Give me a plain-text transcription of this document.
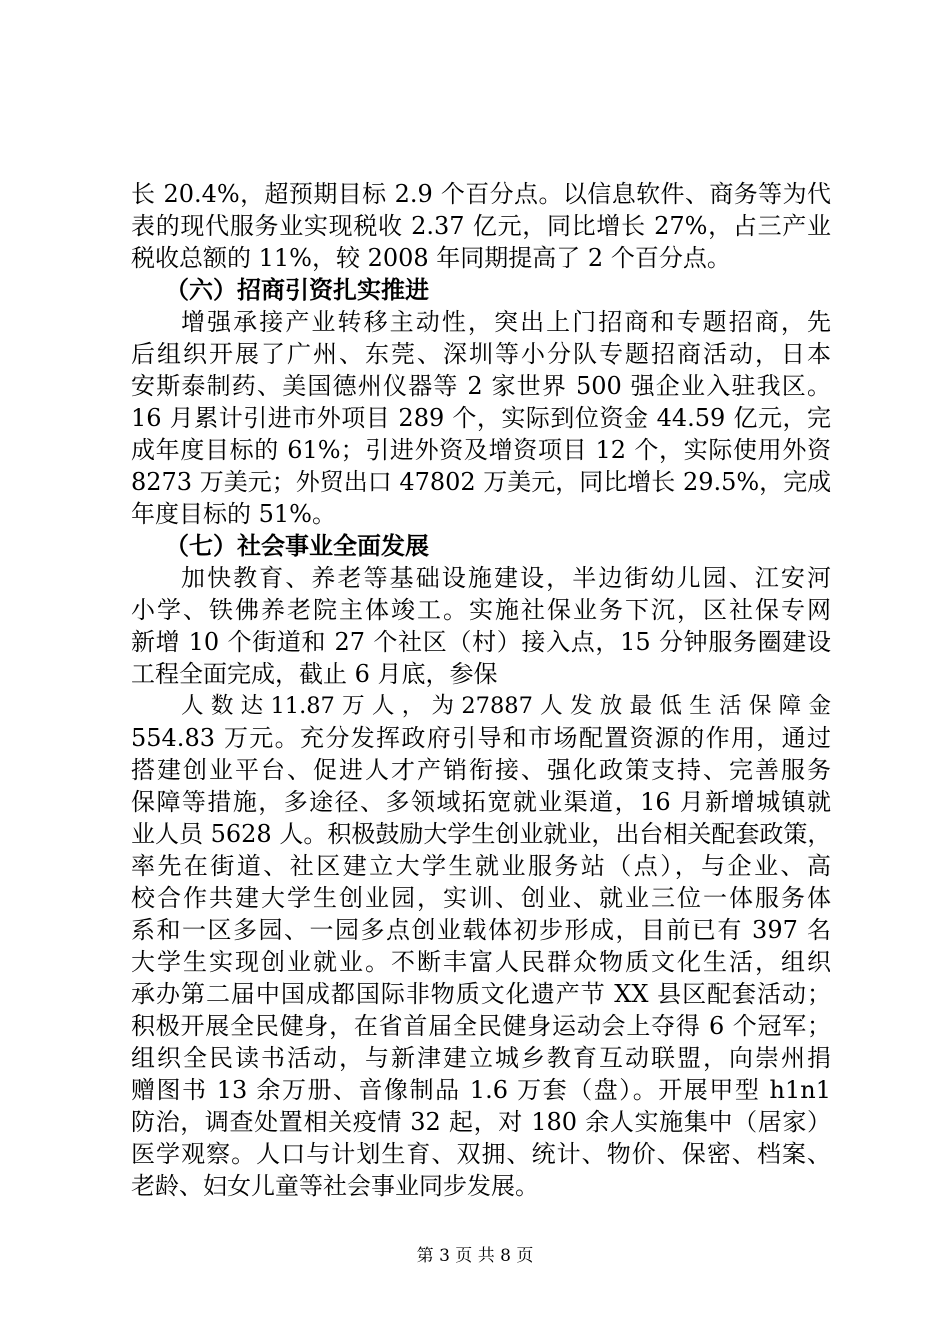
长 20.4%，超预期目标 2.9 个百分点。以信息软件、商务等为代
表的现代服务业实现税收 2.37 亿元，同比增长 27%，占三产业
税收总额的 11%，较 2008 年同期提高了 2 个百分点。
（六）招商引资扎实推进
增强承接产业转移主动性，突出上门招商和专题招商，先
后组织开展了广州、东莞、深圳等小分队专题招商活动，日本
安斯泰制药、美国德州仪器等 2 家世界 500 强企业入驻我区。
16 月累计引进市外项目 289 个，实际到位资金 44.59 亿元，完
成年度目标的 61%；引进外资及增资项目 12 个，实际使用外资
8273 万美元；外贸出口 47802 万美元，同比增长 29.5%，完成
年度目标的 51%。
（七）社会事业全面发展
加快教育、养老等基础设施建设，半边街幼儿园、江安河
小学、铁佛养老院主体竣工。实施社保业务下沉，区社保专网
新增 10 个街道和 27 个社区（村）接入点，15 分钟服务圈建设
工程全面完成，截止 6 月底，参保
人 数 达 11.87 万 人 ， 为 27887 人 发 放 最 低 生 活 保 障 金
554.83 万元。充分发挥政府引导和市场配置资源的作用，通过
搭建创业平台、促进人才产销衔接、强化政策支持、完善服务
保障等措施，多途径、多领域拓宽就业渠道，16 月新增城镇就
业人员 5628 人。积极鼓励大学生创业就业，出台相关配套政策，
率先在街道、社区建立大学生就业服务站（点），与企业、高
校合作共建大学生创业园，实训、创业、就业三位一体服务体
系和一区多园、一园多点创业载体初步形成，目前已有 397 名
大学生实现创业就业。不断丰富人民群众物质文化生活，组织
承办第二届中国成都国际非物质文化遗产节 XX 县区配套活动；
积极开展全民健身，在省首届全民健身运动会上夺得 6 个冠军；
组织全民读书活动，与新津建立城乡教育互动联盟，向崇州捐
赠图书 13 余万册、音像制品 1.6 万套（盘）。开展甲型 h1n1
防治，调查处置相关疫情 32 起，对 180 余人实施集中（居家）
医学观察。人口与计划生育、双拥、统计、物价、保密、档案、
老龄、妇女儿童等社会事业同步发展。
第 3 页 共 8 页
